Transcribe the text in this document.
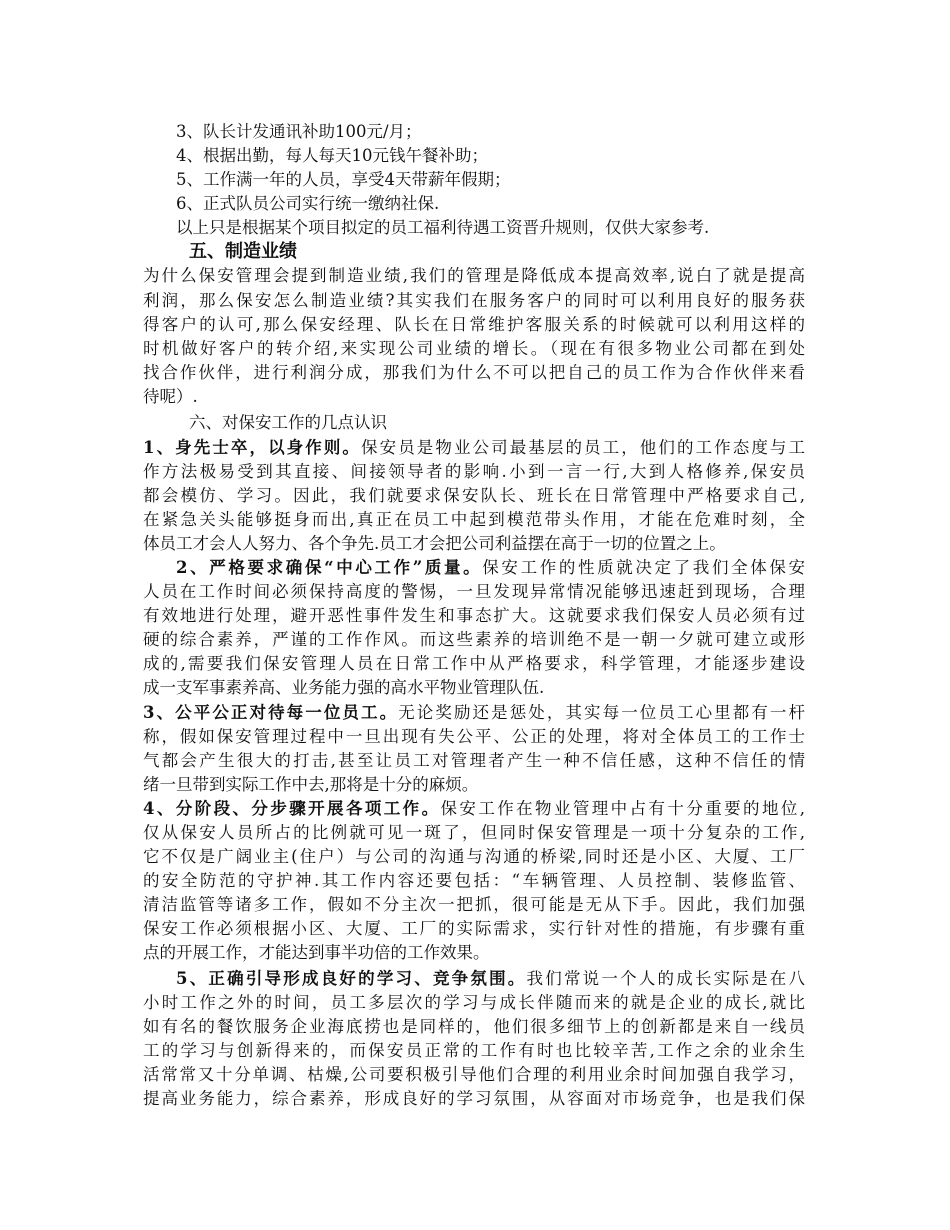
3、队长计发通讯补助100元/月；
4、根据出勤，每人每天10元钱午餐补助；
5、工作满一年的人员，享受4天带薪年假期；
6、正式队员公司实行统一缴纳社保.
以上只是根据某个项目拟定的员工福利待遇工资晋升规则，仅供大家参考.
五、制造业绩
为什么保安管理会提到制造业绩,我们的管理是降低成本提高效率,说白了就是提高
利润，那么保安怎么制造业绩?其实我们在服务客户的同时可以利用良好的服务获
得客户的认可,那么保安经理、队长在日常维护客服关系的时候就可以利用这样的
时机做好客户的转介绍,来实现公司业绩的增长。（现在有很多物业公司都在到处
找合作伙伴，进行利润分成，那我们为什么不可以把自己的员工作为合作伙伴来看
待呢）.
六、对保安工作的几点认识
1、身先士卒，以身作则。保安员是物业公司最基层的员工，他们的工作态度与工
作方法极易受到其直接、间接领导者的影响.小到一言一行,大到人格修养,保安员
都会模仿、学习。因此，我们就要求保安队长、班长在日常管理中严格要求自己,
在紧急关头能够挺身而出,真正在员工中起到模范带头作用，才能在危难时刻，全
体员工才会人人努力、各个争先.员工才会把公司利益摆在高于一切的位置之上。
2、严格要求确保“中心工作”质量。保安工作的性质就决定了我们全体保安
人员在工作时间必须保持高度的警惕，一旦发现异常情况能够迅速赶到现场，合理
有效地进行处理，避开恶性事件发生和事态扩大。这就要求我们保安人员必须有过
硬的综合素养，严谨的工作作风。而这些素养的培训绝不是一朝一夕就可建立或形
成的,需要我们保安管理人员在日常工作中从严格要求，科学管理，才能逐步建设
成一支军事素养高、业务能力强的高水平物业管理队伍.
3、公平公正对待每一位员工。无论奖励还是惩处，其实每一位员工心里都有一杆
称，假如保安管理过程中一旦出现有失公平、公正的处理，将对全体员工的工作士
气都会产生很大的打击,甚至让员工对管理者产生一种不信任感，这种不信任的情
绪一旦带到实际工作中去,那将是十分的麻烦。
4、分阶段、分步骤开展各项工作。保安工作在物业管理中占有十分重要的地位,
仅从保安人员所占的比例就可见一斑了，但同时保安管理是一项十分复杂的工作,
它不仅是广阔业主(住户）与公司的沟通与沟通的桥梁,同时还是小区、大厦、工厂
的安全防范的守护神.其工作内容还要包括：“车辆管理、人员控制、装修监管、
清洁监管等诸多工作，假如不分主次一把抓，很可能是无从下手。因此，我们加强
保安工作必须根据小区、大厦、工厂的实际需求，实行针对性的措施，有步骤有重
点的开展工作，才能达到事半功倍的工作效果。
5、正确引导形成良好的学习、竞争氛围。我们常说一个人的成长实际是在八
小时工作之外的时间，员工多层次的学习与成长伴随而来的就是企业的成长,就比
如有名的餐饮服务企业海底捞也是同样的，他们很多细节上的创新都是来自一线员
工的学习与创新得来的，而保安员正常的工作有时也比较辛苦,工作之余的业余生
活常常又十分单调、枯燥,公司要积极引导他们合理的利用业余时间加强自我学习，
提高业务能力，综合素养，形成良好的学习氛围，从容面对市场竞争，也是我们保
